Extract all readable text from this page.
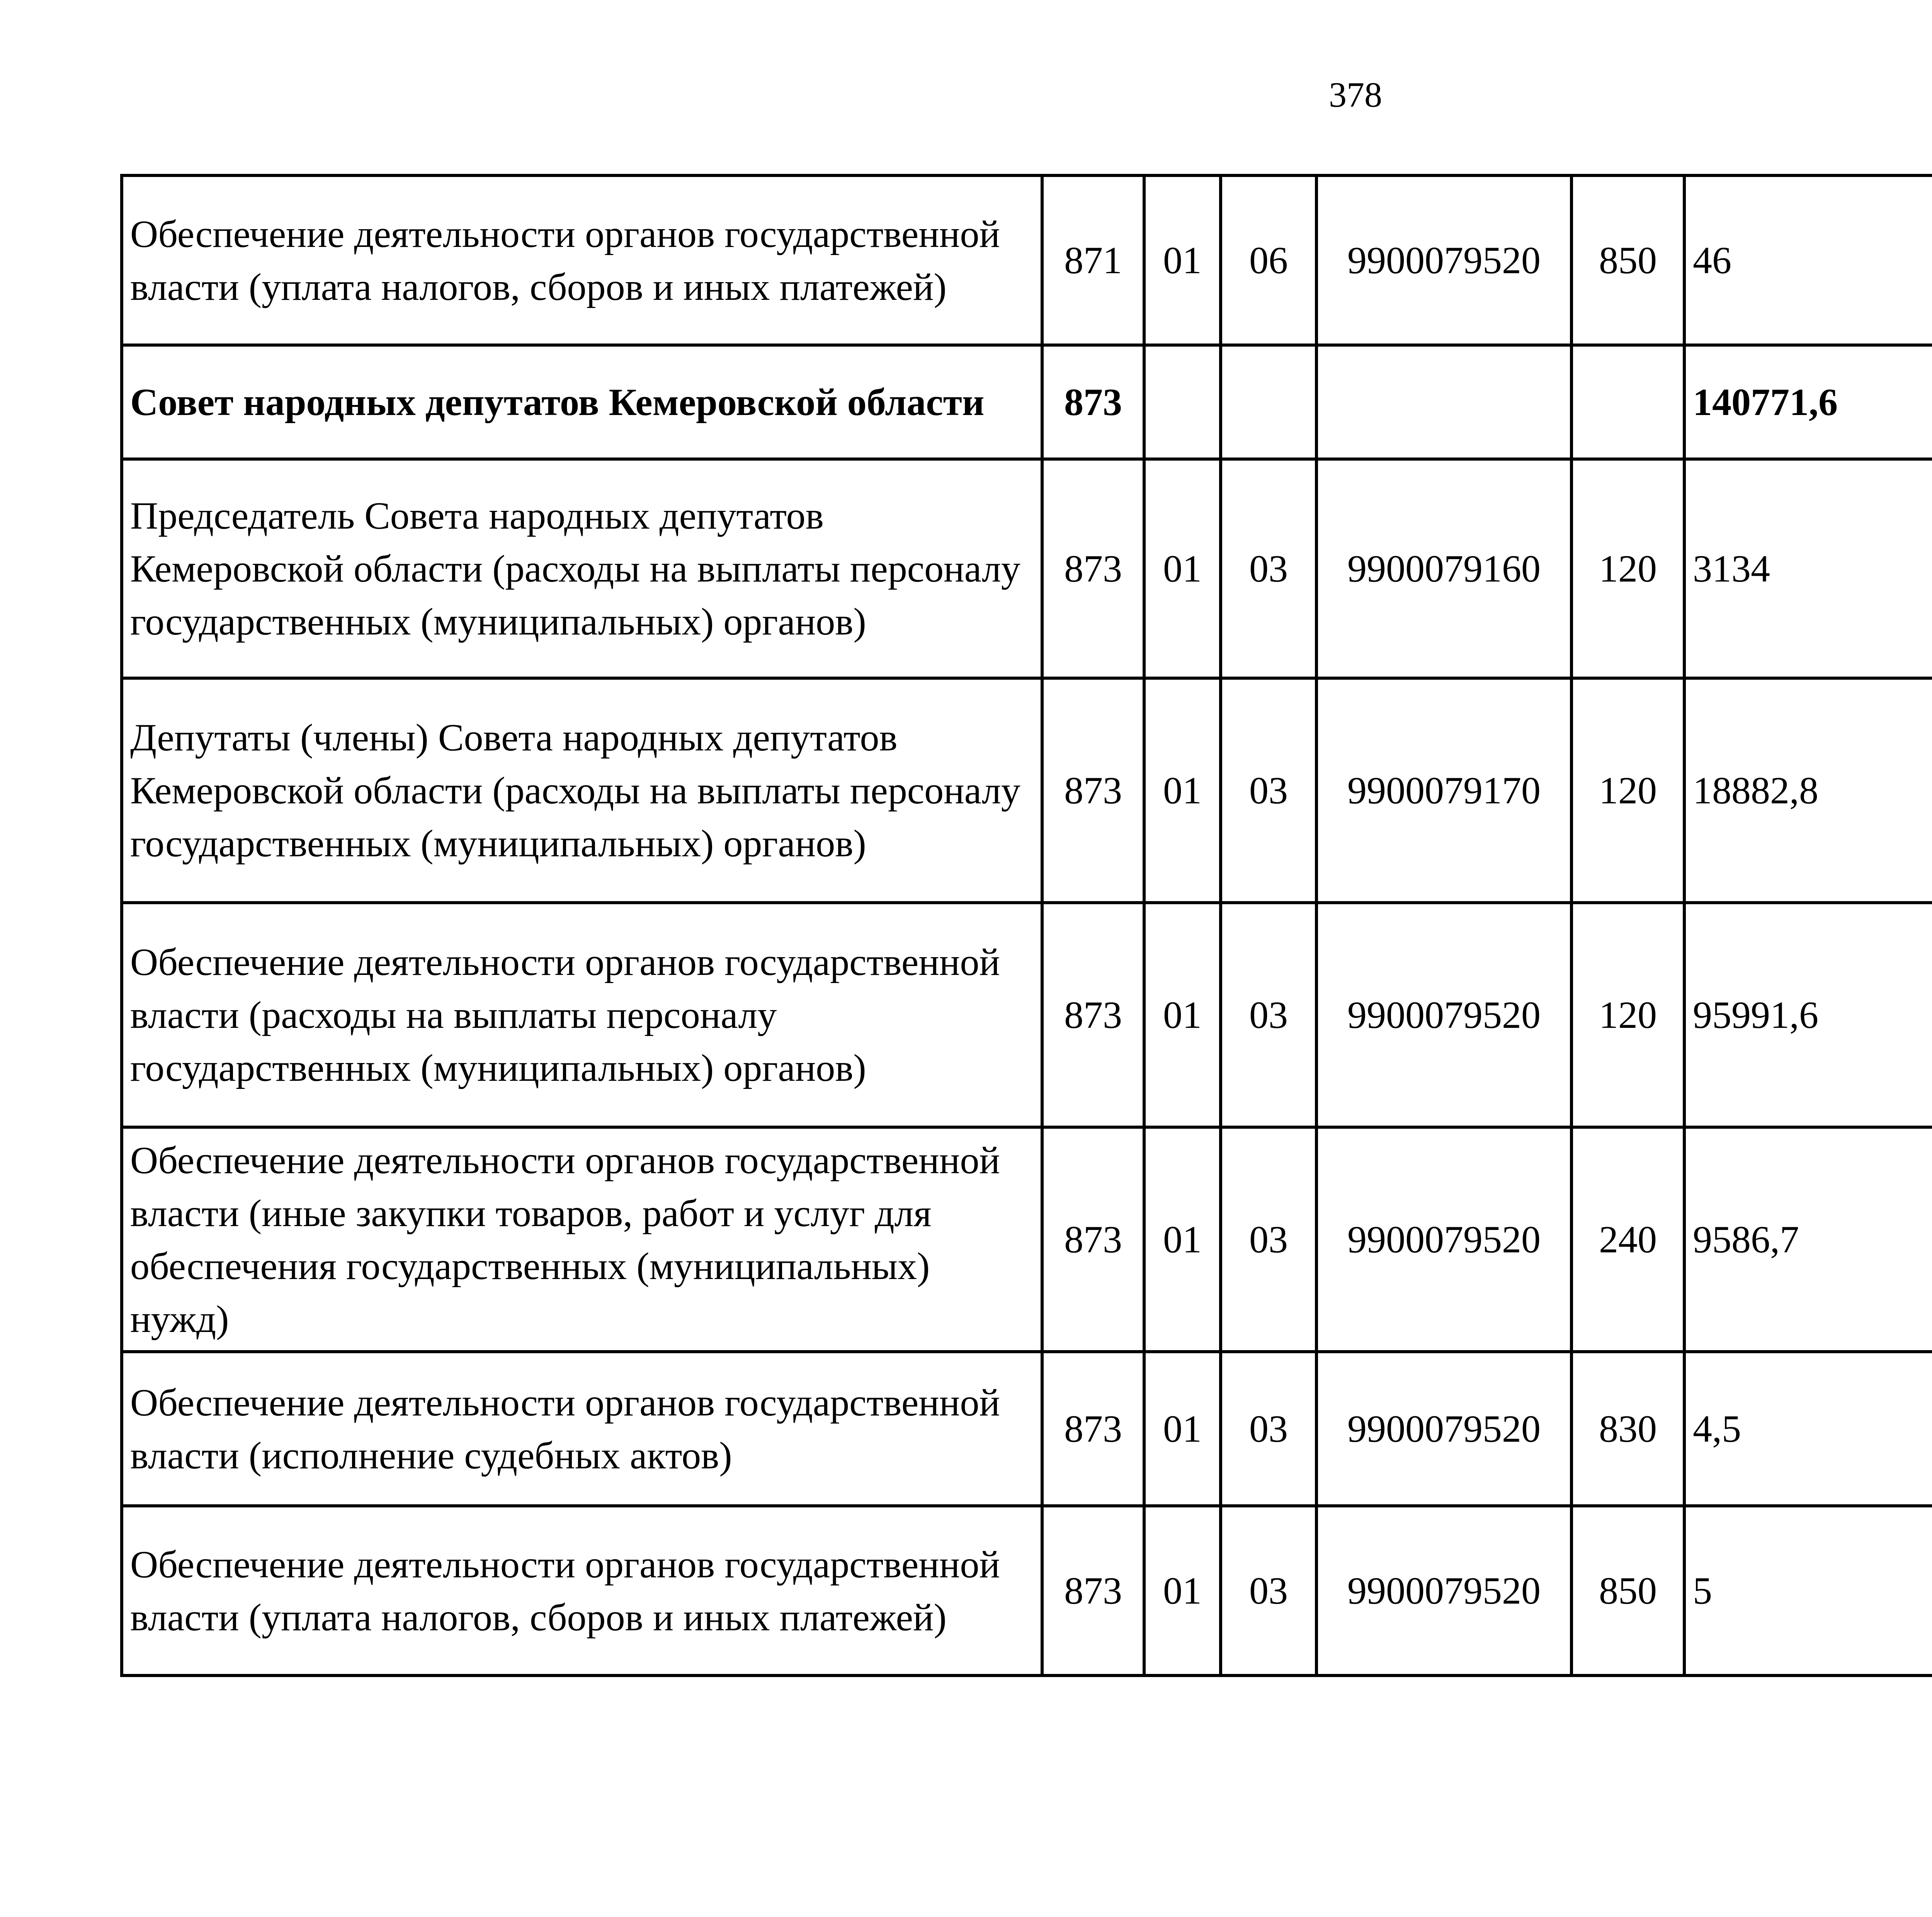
378
Обеспечение деятельности органов государственной власти (уплата налогов, сборов и иных платежей)	871	01	06	9900079520	850	46		
Совет народных депутатов Кемеровской области	873					140771,6		
Председатель Совета народных депутатов Кемеровской области (расходы на выплаты персоналу государственных (муниципальных) органов)	873	01	03	9900079160	120	3134		
Депутаты (члены) Совета народных депутатов Кемеровской области (расходы на выплаты персоналу государственных (муниципальных) органов)	873	01	03	9900079170	120	18882,8		
Обеспечение деятельности органов государственной власти (расходы на выплаты персоналу государственных (муниципальных) органов)	873	01	03	9900079520	120	95991,6		
Обеспечение деятельности органов государственной власти (иные закупки товаров, работ и услуг для обеспечения государственных (муниципальных) нужд)	873	01	03	9900079520	240	9586,7		
Обеспечение деятельности органов государственной власти (исполнение судебных актов)	873	01	03	9900079520	830	4,5		
Обеспечение деятельности органов государственной власти (уплата налогов, сборов и иных платежей)	873	01	03	9900079520	850	5		
